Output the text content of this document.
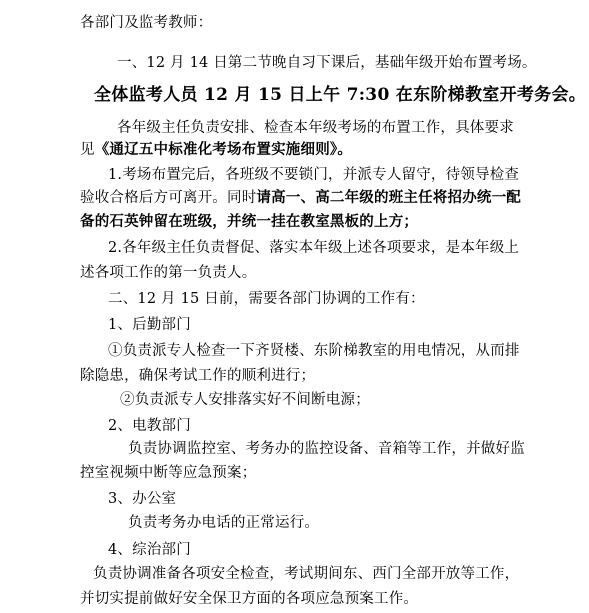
各部门及监考教师：
一、12 月 14 日第二节晚自习下课后，基础年级开始布置考场。
全体监考人员 12 月 15 日上午 7:30 在东阶梯教室开考务会。
各年级主任负责安排、检查本年级考场的布置工作，具体要求
见《通辽五中标准化考场布置实施细则》。
1.考场布置完后，各班级不要锁门，并派专人留守，待领导检查
验收合格后方可离开。同时请高一、高二年级的班主任将招办统一配
备的石英钟留在班级，并统一挂在教室黑板的上方；
2.各年级主任负责督促、落实本年级上述各项要求，是本年级上
述各项工作的第一负责人。
二、12 月 15 日前，需要各部门协调的工作有：
1、后勤部门
①负责派专人检查一下齐贤楼、东阶梯教室的用电情况，从而排
除隐患，确保考试工作的顺利进行；
②负责派专人安排落实好不间断电源；
2、电教部门
负责协调监控室、考务办的监控设备、音箱等工作，并做好监
控室视频中断等应急预案；
3、办公室
负责考务办电话的正常运行。
4、综治部门
负责协调准备各项安全检查，考试期间东、西门全部开放等工作，
并切实提前做好安全保卫方面的各项应急预案工作。
